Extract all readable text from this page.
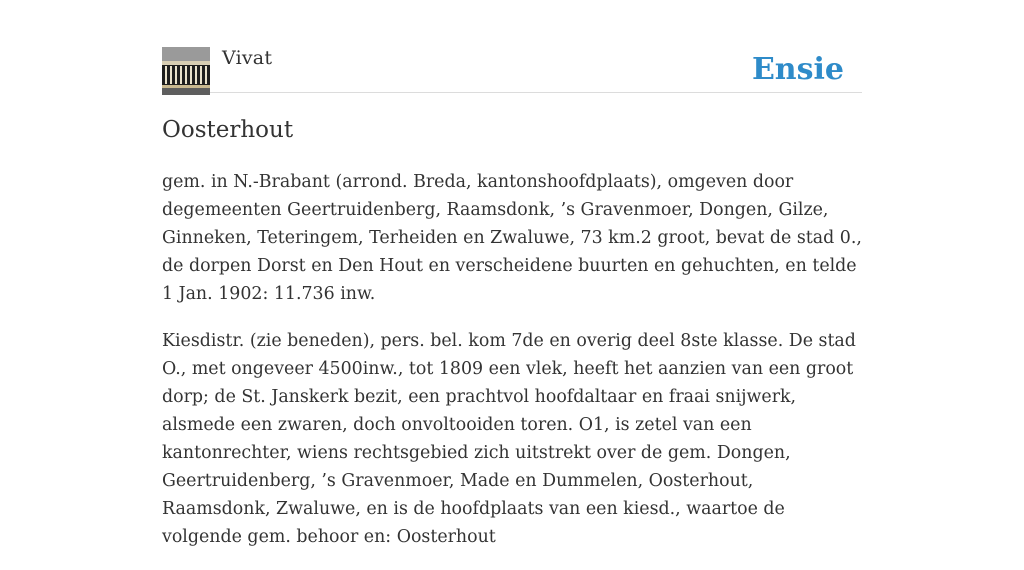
Vivat	Ensie
Oosterhout

gem. in N.-Brabant (arrond. Breda, kantonshoofdplaats), omgeven door degemeenten Geertruidenberg, Raamsdonk, ’s Gravenmoer, Dongen, Gilze, Ginneken, Teteringem, Terheiden en Zwaluwe, 73 km.2 groot, bevat de stad 0., de dorpen Dorst en Den Hout en verscheidene buurten en gehuchten, en telde 1 Jan. 1902: 11.736 inw.

Kiesdistr. (zie beneden), pers. bel. kom 7de en overig deel 8ste klasse. De stad O., met ongeveer 4500inw., tot 1809 een vlek, heeft het aanzien van een groot dorp; de St. Janskerk bezit, een prachtvol hoofdaltaar en fraai snijwerk, alsmede een zwaren, doch onvoltooiden toren. O1, is zetel van een kantonrechter, wiens rechtsgebied zich uitstrekt over de gem. Dongen, Geertruidenberg, ’s Gravenmoer, Made en Dummelen, Oosterhout, Raamsdonk, Zwaluwe, en is de hoofdplaats van een kiesd., waartoe de volgende gem. behoor en: Oosterhout
